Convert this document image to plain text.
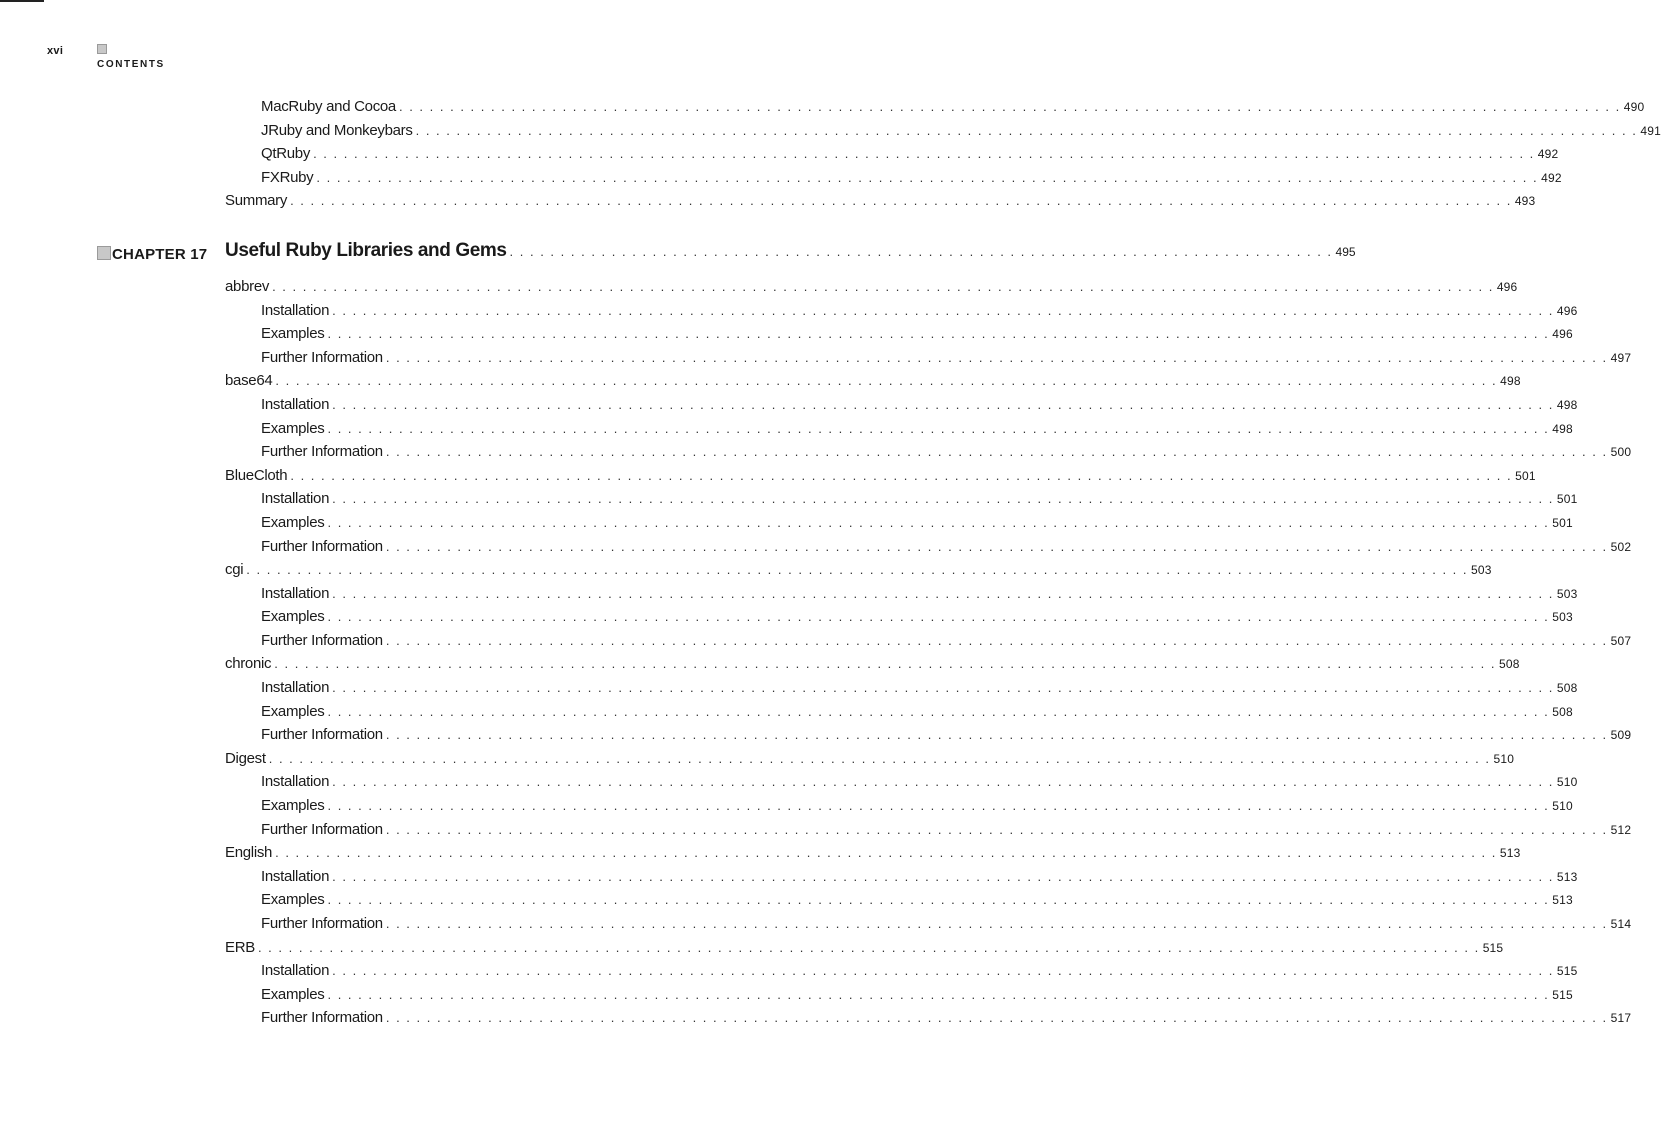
xvi
CONTENTS
MacRuby and Cocoa . . . . . . . . . . . . . . . . . . . . . . . . . . . . . . . . . . . . . . . . . . . . . . . . . . . . . . . . . . . . . . . . . . . . . . . . . . . . . . . . . . . . . . . . . . . . . . . . . . . . . . . . . . . . . . . . . . . . . . . . 490
JRuby and Monkeybars . . . . . . . . . . . . . . . . . . . . . . . . . . . . . . . . . . . . . . . . . . . . . . . . . . . . . . . . . . . . . . . . . . . . . . . . . . . . . . . . . . . . . . . . . . . . . . . . . . . . . . . . . . . . . . . . . . . . . . . . 491
QtRuby . . . . . . . . . . . . . . . . . . . . . . . . . . . . . . . . . . . . . . . . . . . . . . . . . . . . . . . . . . . . . . . . . . . . . . . . . . . . . . . . . . . . . . . . . . . . . . . . . . . . . . . . . . . . . . . . . . . . . . . . 492
FXRuby . . . . . . . . . . . . . . . . . . . . . . . . . . . . . . . . . . . . . . . . . . . . . . . . . . . . . . . . . . . . . . . . . . . . . . . . . . . . . . . . . . . . . . . . . . . . . . . . . . . . . . . . . . . . . . . . . . . . . . . . 492
Summary . . . . . . . . . . . . . . . . . . . . . . . . . . . . . . . . . . . . . . . . . . . . . . . . . . . . . . . . . . . . . . . . . . . . . . . . . . . . . . . . . . . . . . . . . . . . . . . . . . . . . . . . . . . . . . . . . . . . . . . . 493
CHAPTER 17 Useful Ruby Libraries and Gems . . . . . . . . . . . . . . . . . . . . . . . . . . . . . . . . . . . . . . . . . . . . . . . . . . . . . . . . . . . . . . . . . . . . . . . . . . . . . . . . . 495
abbrev . . . . . . . . . . . . . . . . . . . . . . . . . . . . . . . . . . . . . . . . . . . . . . . . . . . . . . . . . . . . . . . . . . . . . . . . . . . . . . . . . . . . . . . . . . . . . . . . . . . . . . . . . . . . . . . . . . . . . . . . 496
Installation . . . . . . . . . . . . . . . . . . . . . . . . . . . . . . . . . . . . . . . . . . . . . . . . . . . . . . . . . . . . . . . . . . . . . . . . . . . . . . . . . . . . . . . . . . . . . . . . . . . . . . . . . . . . . . . . . . . . . . . . 496
Examples . . . . . . . . . . . . . . . . . . . . . . . . . . . . . . . . . . . . . . . . . . . . . . . . . . . . . . . . . . . . . . . . . . . . . . . . . . . . . . . . . . . . . . . . . . . . . . . . . . . . . . . . . . . . . . . . . . . . . . . . 496
Further Information . . . . . . . . . . . . . . . . . . . . . . . . . . . . . . . . . . . . . . . . . . . . . . . . . . . . . . . . . . . . . . . . . . . . . . . . . . . . . . . . . . . . . . . . . . . . . . . . . . . . . . . . . . . . . . . . . . . . . . . . 497
base64 . . . . . . . . . . . . . . . . . . . . . . . . . . . . . . . . . . . . . . . . . . . . . . . . . . . . . . . . . . . . . . . . . . . . . . . . . . . . . . . . . . . . . . . . . . . . . . . . . . . . . . . . . . . . . . . . . . . . . . . . 498
Installation . . . . . . . . . . . . . . . . . . . . . . . . . . . . . . . . . . . . . . . . . . . . . . . . . . . . . . . . . . . . . . . . . . . . . . . . . . . . . . . . . . . . . . . . . . . . . . . . . . . . . . . . . . . . . . . . . . . . . . . . 498
Examples . . . . . . . . . . . . . . . . . . . . . . . . . . . . . . . . . . . . . . . . . . . . . . . . . . . . . . . . . . . . . . . . . . . . . . . . . . . . . . . . . . . . . . . . . . . . . . . . . . . . . . . . . . . . . . . . . . . . . . . . 498
Further Information . . . . . . . . . . . . . . . . . . . . . . . . . . . . . . . . . . . . . . . . . . . . . . . . . . . . . . . . . . . . . . . . . . . . . . . . . . . . . . . . . . . . . . . . . . . . . . . . . . . . . . . . . . . . . . . . . . . . . . . . 500
BlueCloth . . . . . . . . . . . . . . . . . . . . . . . . . . . . . . . . . . . . . . . . . . . . . . . . . . . . . . . . . . . . . . . . . . . . . . . . . . . . . . . . . . . . . . . . . . . . . . . . . . . . . . . . . . . . . . . . . . . . . . . . 501
Installation . . . . . . . . . . . . . . . . . . . . . . . . . . . . . . . . . . . . . . . . . . . . . . . . . . . . . . . . . . . . . . . . . . . . . . . . . . . . . . . . . . . . . . . . . . . . . . . . . . . . . . . . . . . . . . . . . . . . . . . . 501
Examples . . . . . . . . . . . . . . . . . . . . . . . . . . . . . . . . . . . . . . . . . . . . . . . . . . . . . . . . . . . . . . . . . . . . . . . . . . . . . . . . . . . . . . . . . . . . . . . . . . . . . . . . . . . . . . . . . . . . . . . . 501
Further Information . . . . . . . . . . . . . . . . . . . . . . . . . . . . . . . . . . . . . . . . . . . . . . . . . . . . . . . . . . . . . . . . . . . . . . . . . . . . . . . . . . . . . . . . . . . . . . . . . . . . . . . . . . . . . . . . . . . . . . . . 502
cgi . . . . . . . . . . . . . . . . . . . . . . . . . . . . . . . . . . . . . . . . . . . . . . . . . . . . . . . . . . . . . . . . . . . . . . . . . . . . . . . . . . . . . . . . . . . . . . . . . . . . . . . . . . . . . . . . . . . . . . . . 503
Installation . . . . . . . . . . . . . . . . . . . . . . . . . . . . . . . . . . . . . . . . . . . . . . . . . . . . . . . . . . . . . . . . . . . . . . . . . . . . . . . . . . . . . . . . . . . . . . . . . . . . . . . . . . . . . . . . . . . . . . . . 503
Examples . . . . . . . . . . . . . . . . . . . . . . . . . . . . . . . . . . . . . . . . . . . . . . . . . . . . . . . . . . . . . . . . . . . . . . . . . . . . . . . . . . . . . . . . . . . . . . . . . . . . . . . . . . . . . . . . . . . . . . . . 503
Further Information . . . . . . . . . . . . . . . . . . . . . . . . . . . . . . . . . . . . . . . . . . . . . . . . . . . . . . . . . . . . . . . . . . . . . . . . . . . . . . . . . . . . . . . . . . . . . . . . . . . . . . . . . . . . . . . . . . . . . . . . 507
chronic . . . . . . . . . . . . . . . . . . . . . . . . . . . . . . . . . . . . . . . . . . . . . . . . . . . . . . . . . . . . . . . . . . . . . . . . . . . . . . . . . . . . . . . . . . . . . . . . . . . . . . . . . . . . . . . . . . . . . . . . 508
Installation . . . . . . . . . . . . . . . . . . . . . . . . . . . . . . . . . . . . . . . . . . . . . . . . . . . . . . . . . . . . . . . . . . . . . . . . . . . . . . . . . . . . . . . . . . . . . . . . . . . . . . . . . . . . . . . . . . . . . . . . 508
Examples . . . . . . . . . . . . . . . . . . . . . . . . . . . . . . . . . . . . . . . . . . . . . . . . . . . . . . . . . . . . . . . . . . . . . . . . . . . . . . . . . . . . . . . . . . . . . . . . . . . . . . . . . . . . . . . . . . . . . . . . 508
Further Information . . . . . . . . . . . . . . . . . . . . . . . . . . . . . . . . . . . . . . . . . . . . . . . . . . . . . . . . . . . . . . . . . . . . . . . . . . . . . . . . . . . . . . . . . . . . . . . . . . . . . . . . . . . . . . . . . . . . . . . . 509
Digest . . . . . . . . . . . . . . . . . . . . . . . . . . . . . . . . . . . . . . . . . . . . . . . . . . . . . . . . . . . . . . . . . . . . . . . . . . . . . . . . . . . . . . . . . . . . . . . . . . . . . . . . . . . . . . . . . . . . . . . . 510
Installation . . . . . . . . . . . . . . . . . . . . . . . . . . . . . . . . . . . . . . . . . . . . . . . . . . . . . . . . . . . . . . . . . . . . . . . . . . . . . . . . . . . . . . . . . . . . . . . . . . . . . . . . . . . . . . . . . . . . . . . . 510
Examples . . . . . . . . . . . . . . . . . . . . . . . . . . . . . . . . . . . . . . . . . . . . . . . . . . . . . . . . . . . . . . . . . . . . . . . . . . . . . . . . . . . . . . . . . . . . . . . . . . . . . . . . . . . . . . . . . . . . . . . . 510
Further Information . . . . . . . . . . . . . . . . . . . . . . . . . . . . . . . . . . . . . . . . . . . . . . . . . . . . . . . . . . . . . . . . . . . . . . . . . . . . . . . . . . . . . . . . . . . . . . . . . . . . . . . . . . . . . . . . . . . . . . . . 512
English . . . . . . . . . . . . . . . . . . . . . . . . . . . . . . . . . . . . . . . . . . . . . . . . . . . . . . . . . . . . . . . . . . . . . . . . . . . . . . . . . . . . . . . . . . . . . . . . . . . . . . . . . . . . . . . . . . . . . . . . 513
Installation . . . . . . . . . . . . . . . . . . . . . . . . . . . . . . . . . . . . . . . . . . . . . . . . . . . . . . . . . . . . . . . . . . . . . . . . . . . . . . . . . . . . . . . . . . . . . . . . . . . . . . . . . . . . . . . . . . . . . . . . 513
Examples . . . . . . . . . . . . . . . . . . . . . . . . . . . . . . . . . . . . . . . . . . . . . . . . . . . . . . . . . . . . . . . . . . . . . . . . . . . . . . . . . . . . . . . . . . . . . . . . . . . . . . . . . . . . . . . . . . . . . . . . 513
Further Information . . . . . . . . . . . . . . . . . . . . . . . . . . . . . . . . . . . . . . . . . . . . . . . . . . . . . . . . . . . . . . . . . . . . . . . . . . . . . . . . . . . . . . . . . . . . . . . . . . . . . . . . . . . . . . . . . . . . . . . . 514
ERB . . . . . . . . . . . . . . . . . . . . . . . . . . . . . . . . . . . . . . . . . . . . . . . . . . . . . . . . . . . . . . . . . . . . . . . . . . . . . . . . . . . . . . . . . . . . . . . . . . . . . . . . . . . . . . . . . . . . . . . . 515
Installation . . . . . . . . . . . . . . . . . . . . . . . . . . . . . . . . . . . . . . . . . . . . . . . . . . . . . . . . . . . . . . . . . . . . . . . . . . . . . . . . . . . . . . . . . . . . . . . . . . . . . . . . . . . . . . . . . . . . . . . . 515
Examples . . . . . . . . . . . . . . . . . . . . . . . . . . . . . . . . . . . . . . . . . . . . . . . . . . . . . . . . . . . . . . . . . . . . . . . . . . . . . . . . . . . . . . . . . . . . . . . . . . . . . . . . . . . . . . . . . . . . . . . . 515
Further Information . . . . . . . . . . . . . . . . . . . . . . . . . . . . . . . . . . . . . . . . . . . . . . . . . . . . . . . . . . . . . . . . . . . . . . . . . . . . . . . . . . . . . . . . . . . . . . . . . . . . . . . . . . . . . . . . . . . . . . . . 517
